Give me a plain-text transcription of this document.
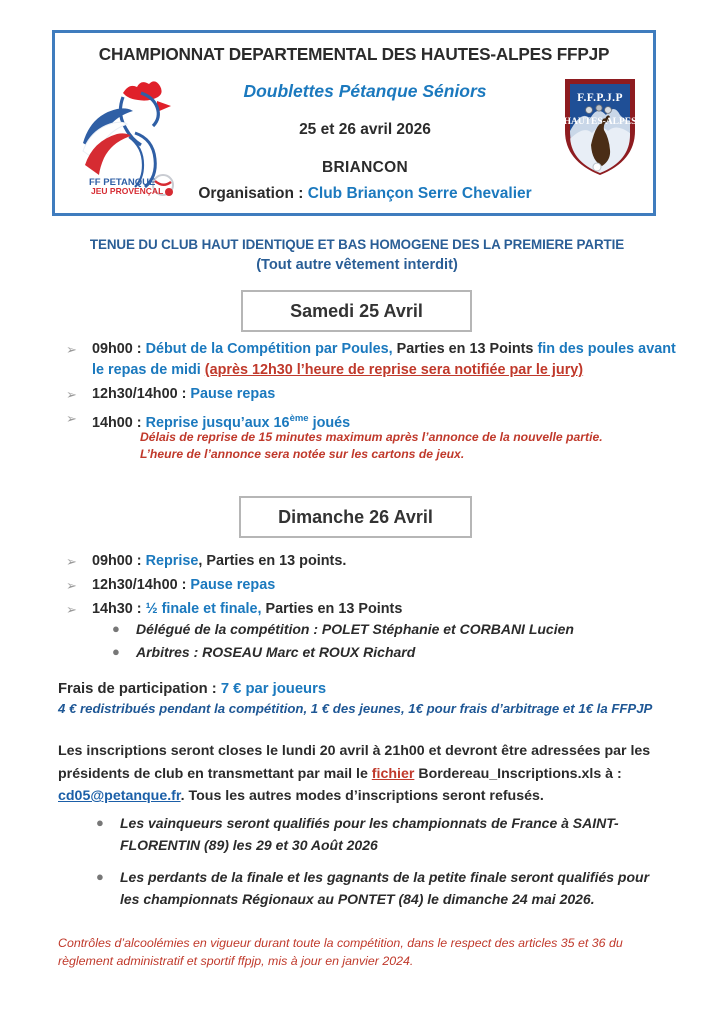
FF PETANQUE
JEU PROVENÇAL
F.F.P.J.P
HAUTES-ALPES
CHAMPIONNAT DEPARTEMENTAL DES HAUTES-ALPES FFPJP
Doublettes Pétanque Séniors
25 et 26 avril 2026
BRIANCON
Organisation : Club Briançon Serre Chevalier
TENUE DU CLUB HAUT IDENTIQUE ET BAS HOMOGENE DES LA PREMIERE PARTIE
(Tout autre vêtement interdit)
Samedi 25 Avril
➢	09h00 : Début de la Compétition par Poules, Parties en 13 Points fin des poules avant le repas de midi (après 12h30 l’heure de reprise sera notifiée par le jury)
➢	12h30/14h00 : Pause repas
➢	14h00 : Reprise jusqu’aux 16ème joués
Délais de reprise de 15 minutes maximum après l’annonce de la nouvelle partie.
L’heure de l’annonce sera notée sur les cartons de jeux.
Dimanche 26 Avril
➢	09h00 : Reprise, Parties en 13 points.
➢	12h30/14h00 : Pause repas
➢	14h30 : ½ finale et finale, Parties en 13 Points
●	Délégué de la compétition : POLET Stéphanie et CORBANI Lucien
●	Arbitres : ROSEAU Marc et ROUX Richard
Frais de participation : 7 € par joueurs
4 € redistribués pendant la compétition, 1 € des jeunes, 1€ pour frais d’arbitrage et 1€ la FFPJP
Les inscriptions seront closes le lundi 20 avril à 21h00 et devront être adressées par les présidents de club en transmettant par mail le fichier Bordereau_Inscriptions.xls à : cd05@petanque.fr. Tous les autres modes d’inscriptions seront refusés.
●	Les vainqueurs seront qualifiés pour les championnats de France à SAINT-FLORENTIN (89) les 29 et 30 Août 2026
●	Les perdants de la finale et les gagnants de la petite finale seront qualifiés pour les championnats Régionaux au PONTET (84) le dimanche 24 mai 2026.
Contrôles d’alcoolémies en vigueur durant toute la compétition, dans le respect des articles 35 et 36 du
règlement administratif et sportif ffpjp, mis à jour en janvier 2024.
